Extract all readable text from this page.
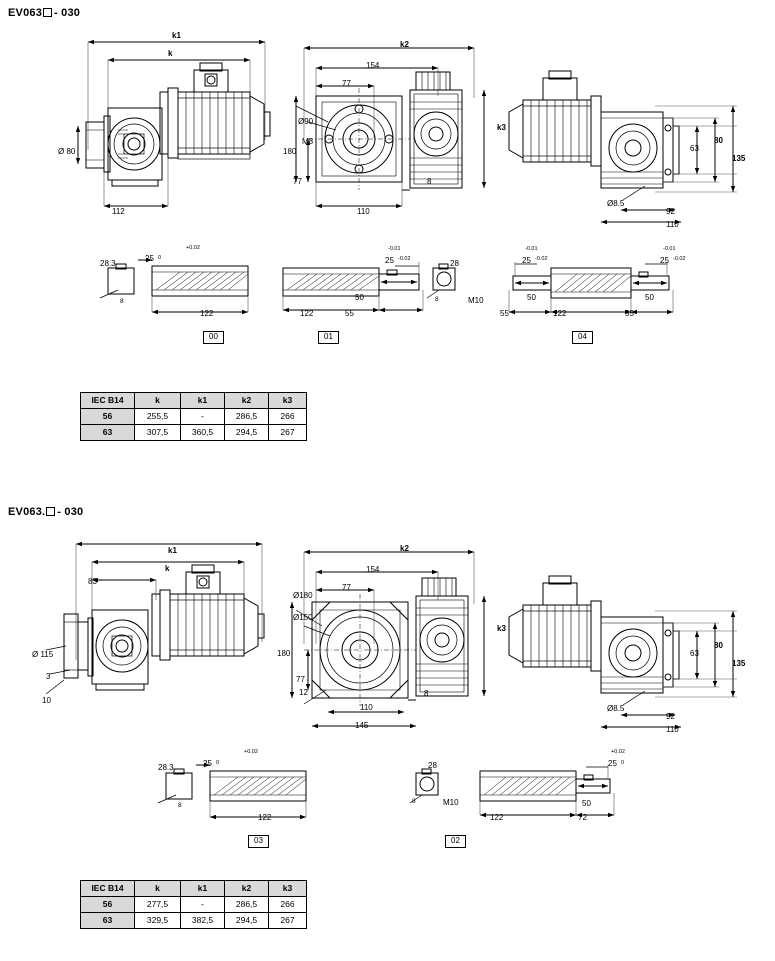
EV063 - 030
k1
k
Ø 80
112
k2
154
77
Ø90
M8
180
77	8
110
k3
80
63
135
Ø8.5
92
110
28.3
8
25
+0.02
0
122
00
122
50
55
25
-0.01
-0.02
01
28
8	M10
25
-0.01
-0.02
50
122
50
55	55
25
-0.01
-0.02
04
IEC B14	k	k1	k2	k3
56	255,5	-	286,5	266
63	307,5	360,5	294,5	267
EV063. - 030
k1
k
83
Ø 115
3
10
k2
154
77
Ø180
Ø150
180
77
12
110
145
8
k3
80
63
135
Ø8.5
92
110
28.3
8
25
+0.02
0
122
03
28
8	M10
25
+0.02
0
122
50
72
02
IEC B14	k	k1	k2	k3
56	277,5	-	286,5	266
63	329,5	382,5	294,5	267
